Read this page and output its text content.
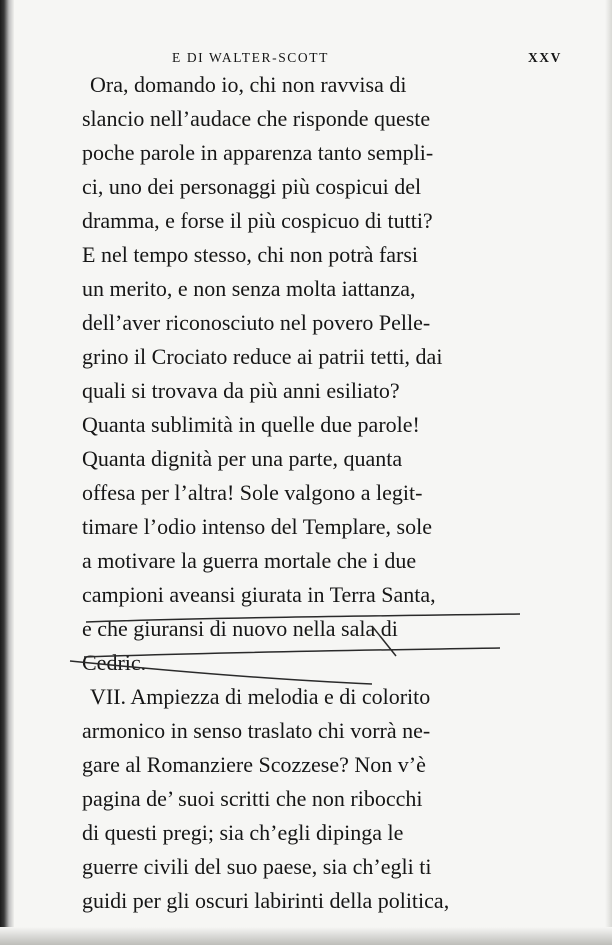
E DI WALTER-SCOTT	XXV
Ora, domando io, chi non ravvisa di
slancio nell’audace che risponde queste
poche parole in apparenza tanto sempli-
ci, uno dei personaggi più cospicui del
dramma, e forse il più cospicuo di tutti?
E nel tempo stesso, chi non potrà farsi
un merito, e non senza molta iattanza,
dell’aver riconosciuto nel povero Pelle-
grino il Crociato reduce ai patrii tetti, dai
quali si trovava da più anni esiliato?
Quanta sublimità in quelle due parole!
Quanta dignità per una parte, quanta
offesa per l’altra! Sole valgono a legit-
timare l’odio intenso del Templare, sole
a motivare la guerra mortale che i due
campioni aveansi giurata in Terra Santa,
e che giuransi di nuovo nella sala di
Cedric.
VII. Ampiezza di melodia e di colorito
armonico in senso traslato chi vorrà ne-
gare al Romanziere Scozzese? Non v’è
pagina de’ suoi scritti che non ribocchi
di questi pregi; sia ch’egli dipinga le
guerre civili del suo paese, sia ch’egli ti
guidi per gli oscuri labirinti della politica,
